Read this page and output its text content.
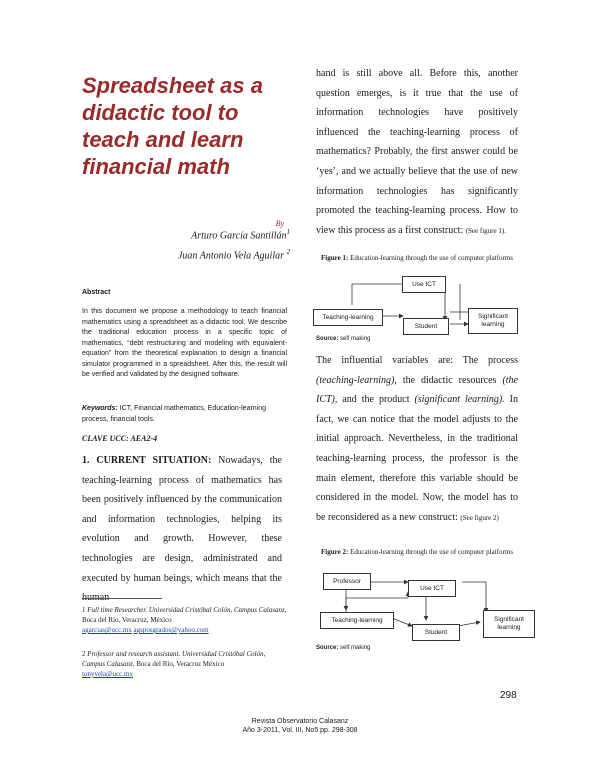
Spreadsheet as a didactic tool to teach and learn financial math
By
Arturo García Santillán$^1$
Juan Antonio Vela Aguilar $^2$
Abstract
In this document we propose a methodology to teach financial mathematics using a spreadsheet as a didactic tool. We describe the traditional education process in a specific topic of mathematics, “debt restructuring and modeling with equivalent-equation” from the theoretical explanation to design a financial simulator programmed in a spreadsheet. After this, the result will be verified and validated by the designed software.
Keywords: ICT, Financial mathematics, Education-learning process, financial tools.
CLAVE UCC: AEA2-4
1. CURRENT SITUATION: Nowadays, the teaching-learning process of mathematics has been positively influenced by the communication and information technologies, helping its evolution and growth. However, these technologies are design, administrated and executed by human beings, which means that the human
1 Full time Researcher. Universidad Cristóbal Colón, Campus Calasanz, Boca del Río, Veracruz, México
agarcias@ucc.mx agsposgrados@yahoo.com
2 Professor and research assistant. Universidad Cristóbal Colón, Campus Calasanz, Boca del Río, Veracruz México
tonyvela@ucc.mx
hand is still above all. Before this, another question emerges, is it true that the use of information technologies have positively influenced the teaching-learning process of mathematics? Probably, the first answer could be ‘yes’, and we actually believe that the use of new information technologies has significantly promoted the teaching-learning process. How to view this process as a first construct: (See figure 1).
Figure 1: Education-learning through the use of computer platforms
Use ICT
Teaching-learning
Student
Significant learning
Source: self making
The influential variables are: The process (teaching-learning), the didactic resources (the ICT), and the product (significant learning). In fact, we can notice that the model adjusts to the initial approach. Nevertheless, in the traditional teaching-learning process, the professor is the main element, therefore this variable should be considered in the model. Now, the model has to be reconsidered as a new construct: (See figure 2)
Figure 2: Education-learning through the use of computer platforms
Professor
Use ICT
Teaching-learning
Student
Significant learning
Source: self making
298
Revista Observatorio Calasanz
Año 3-2011, Vol. III, No5 pp. 298-308
